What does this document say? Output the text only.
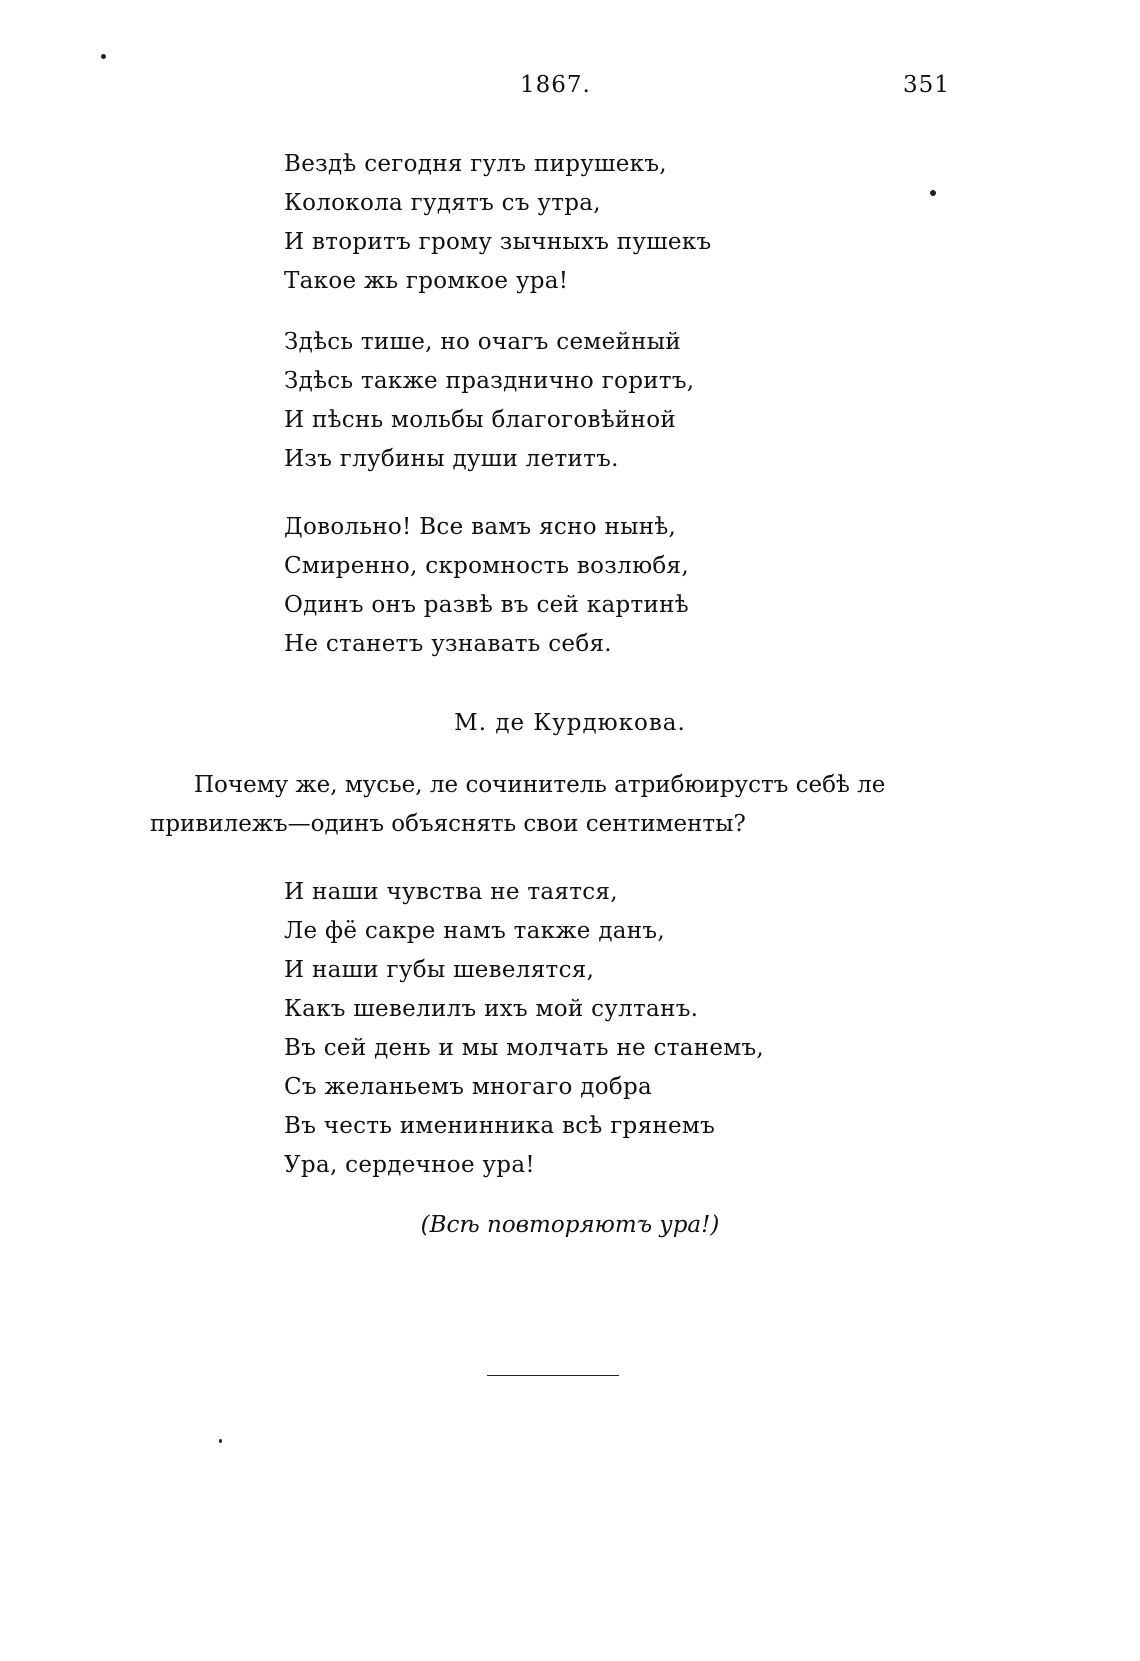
1867.	351
Вездѣ сегодня гулъ пирушекъ,
Колокола гудятъ съ утра,
И вторитъ грому зычныхъ пушекъ
Такое жь громкое ура!
Здѣсь тише, но очагъ семейный
Здѣсь также празднично горитъ,
И пѣснь мольбы благоговѣйной
Изъ глубины души летитъ.
Довольно! Все вамъ ясно нынѣ,
Смиренно, скромность возлюбя,
Одинъ онъ развѣ въ сей картинѣ
Не станетъ узнавать себя.
М. де Курдюкова.
Почему же, мусье, ле сочинитель атрибюирустъ себѣ ле
привилежъ—одинъ объяснять свои сентименты?
И наши чувства не таятся,
Ле фё сакре намъ также данъ,
И наши губы шевелятся,
Какъ шевелилъ ихъ мой султанъ.
Въ сей день и мы молчать не станемъ,
Съ желаньемъ многаго добра
Въ честь именинника всѣ грянемъ
Ура, сердечное ура!
(Всѣ повторяютъ ура!)
